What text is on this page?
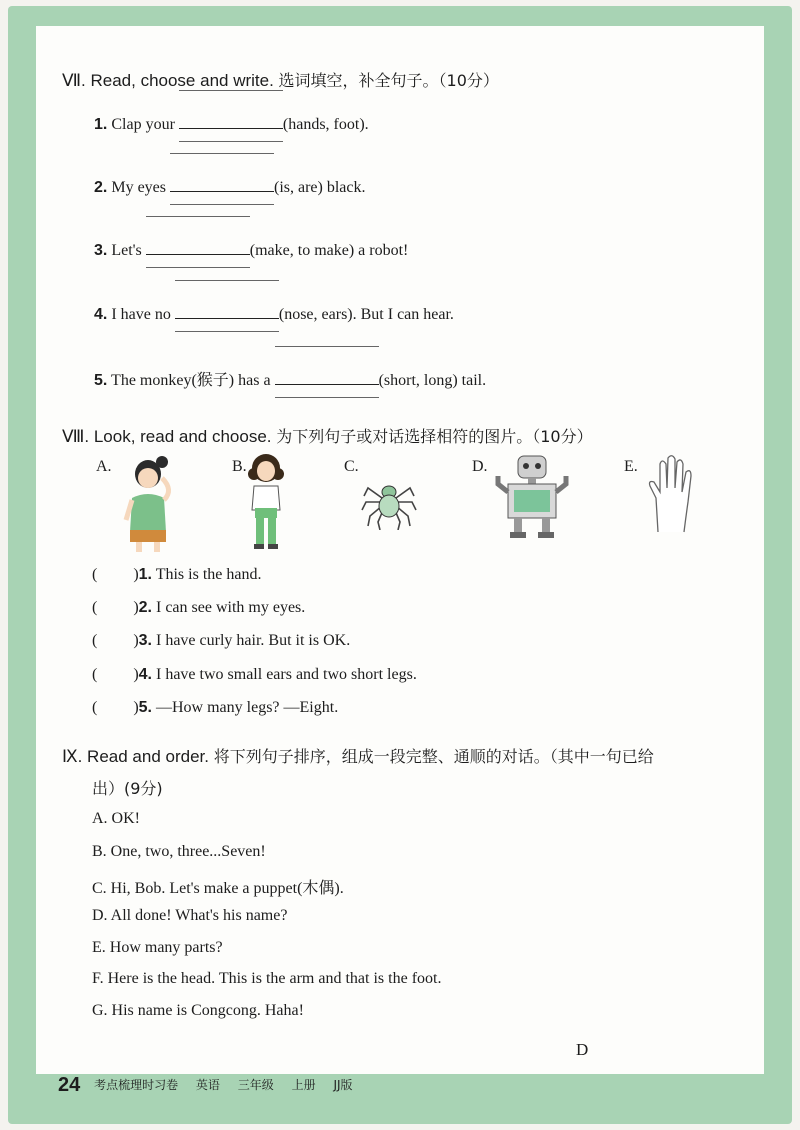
Ⅶ. Read, choose and write. 选词填空，补全句子。（10分）
1. Clap your	(hands, foot).
2. My eyes	(is, are) black.
3. Let's	(make, to make) a robot!
4. I have no	(nose, ears). But I can hear.
5. The monkey(猴子) has a	(short, long) tail.
Ⅷ. Look, read and choose. 为下列句子或对话选择相符的图片。（10分）
A.	B.	C.	D.	E.
( )1. This is the hand.
( )2. I can see with my eyes.
( )3. I have curly hair. But it is OK.
( )4. I have two small ears and two short legs.
( )5. —How many legs? —Eight.
Ⅸ. Read and order. 将下列句子排序，组成一段完整、通顺的对话。（其中一句已给
出）(9分)
A. OK!
B. One, two, three...Seven!
C. Hi, Bob. Let's make a puppet(木偶).
D. All done! What's his name?
E. How many parts?
F. Here is the head. This is the arm and that is the foot.
G. His name is Congcong. Haha!
D
24 考点梳理时习卷 英语 三年级 上册 JJ版
